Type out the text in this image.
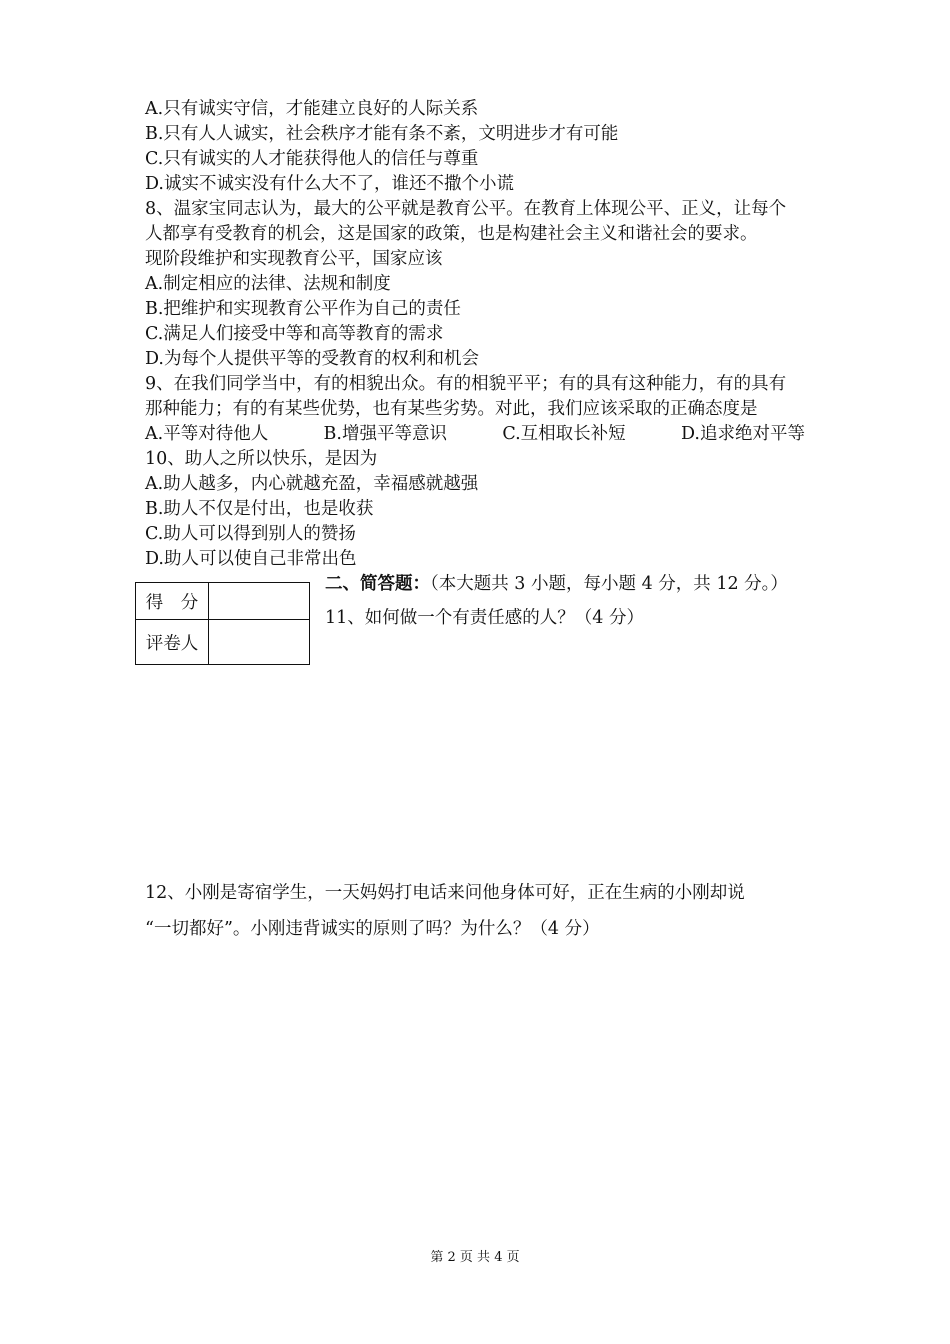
A.只有诚实守信，才能建立良好的人际关系
B.只有人人诚实，社会秩序才能有条不紊，文明进步才有可能
C.只有诚实的人才能获得他人的信任与尊重
D.诚实不诚实没有什么大不了，谁还不撒个小谎
8、温家宝同志认为，最大的公平就是教育公平。在教育上体现公平、正义，让每个
人都享有受教育的机会，这是国家的政策，也是构建社会主义和谐社会的要求。
现阶段维护和实现教育公平，国家应该
A.制定相应的法律、法规和制度
B.把维护和实现教育公平作为自己的责任
C.满足人们接受中等和高等教育的需求
D.为每个人提供平等的受教育的权利和机会
9、在我们同学当中，有的相貌出众。有的相貌平平；有的具有这种能力，有的具有
那种能力；有的有某些优势，也有某些劣势。对此，我们应该采取的正确态度是
A.平等对待他人	B.增强平等意识	C.互相取长补短	D.追求绝对平等
10、助人之所以快乐，是因为
A.助人越多，内心就越充盈，幸福感就越强
B.助人不仅是付出，也是收获
C.助人可以得到别人的赞扬
D.助人可以使自己非常出色
得　分	
评卷人	
二、简答题：（本大题共 3 小题，每小题 4 分，共 12 分。）
11、如何做一个有责任感的人？（4 分）
12、小刚是寄宿学生，一天妈妈打电话来问他身体可好，正在生病的小刚却说
“一切都好”。小刚违背诚实的原则了吗？为什么？（4 分）
第 2 页 共 4 页
